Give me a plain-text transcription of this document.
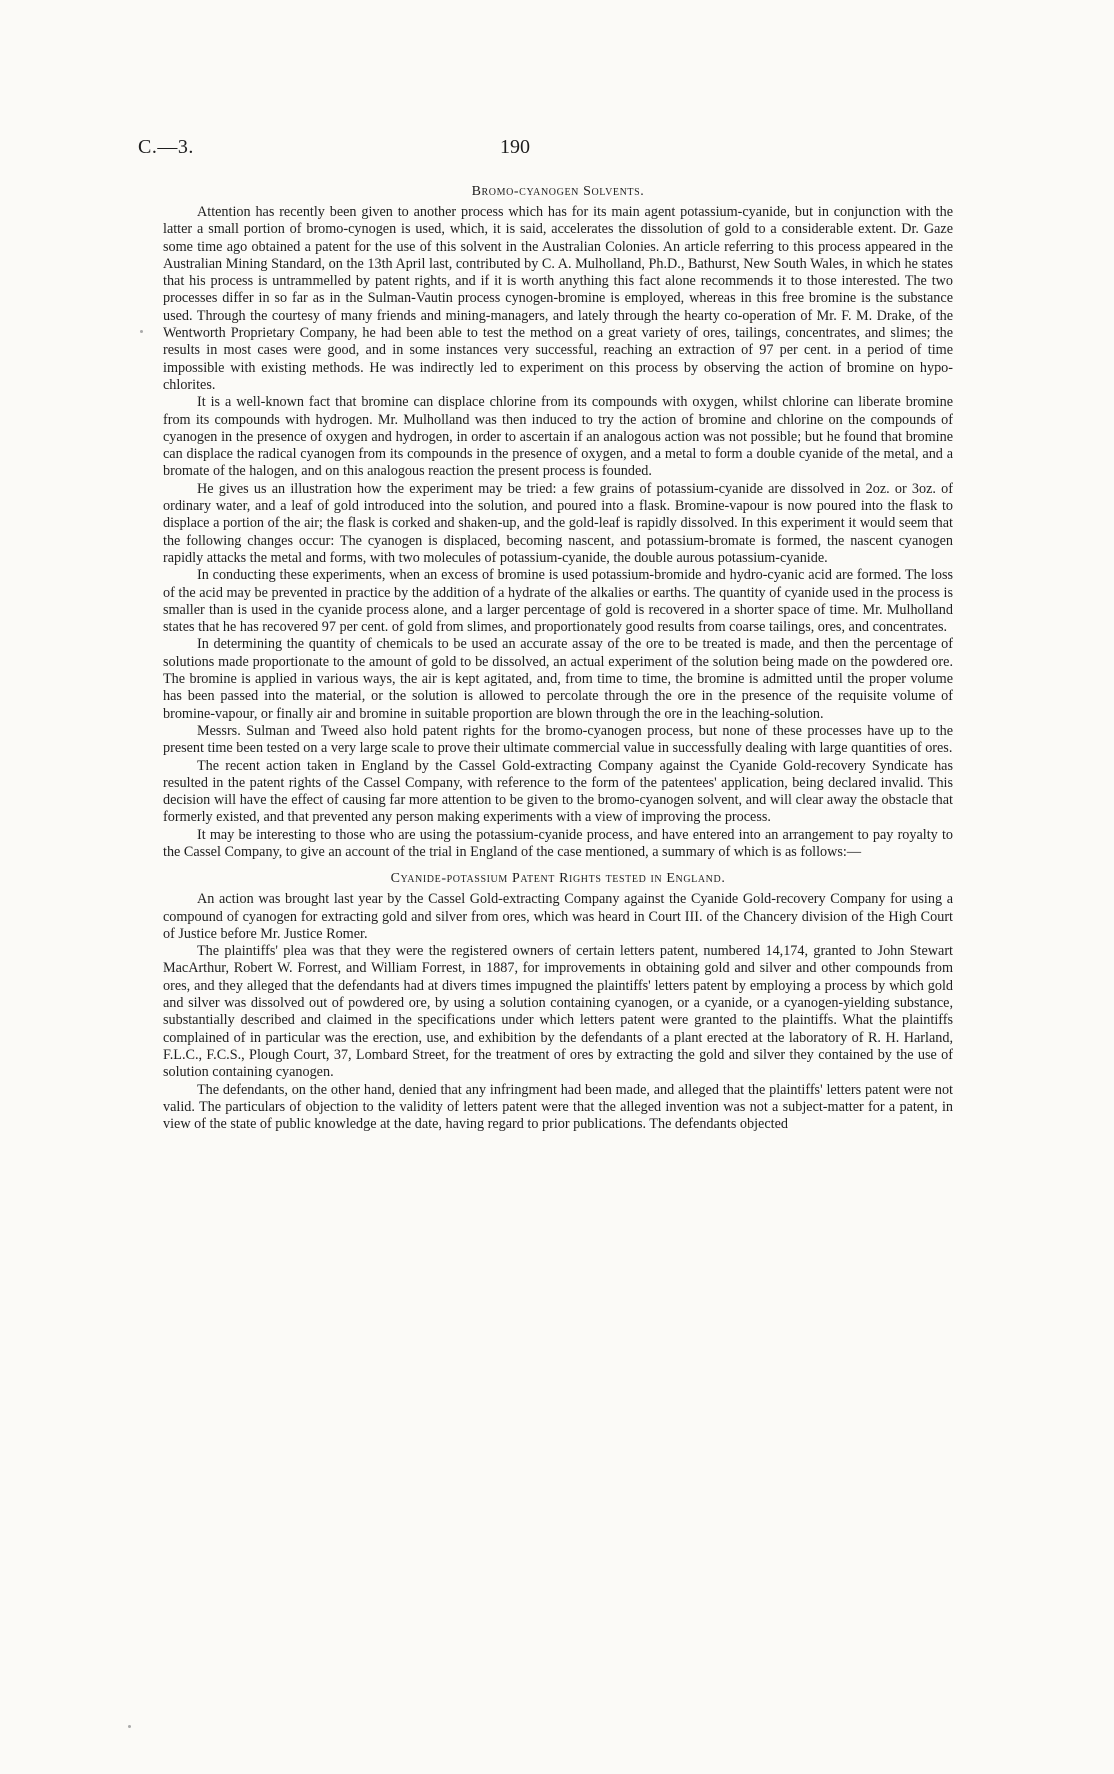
C.—3.	190
Bromo-cyanogen Solvents.

Attention has recently been given to another process which has for its main agent potassium-cyanide, but in conjunction with the latter a small portion of bromo-cynogen is used, which, it is said, accelerates the dissolution of gold to a considerable extent. Dr. Gaze some time ago obtained a patent for the use of this solvent in the Australian Colonies. An article referring to this process appeared in the Australian Mining Standard, on the 13th April last, contributed by C. A. Mulholland, Ph.D., Bathurst, New South Wales, in which he states that his process is untrammelled by patent rights, and if it is worth anything this fact alone recommends it to those interested. The two processes differ in so far as in the Sulman-Vautin process cynogen-bromine is employed, whereas in this free bromine is the substance used. Through the courtesy of many friends and mining-managers, and lately through the hearty co-operation of Mr. F. M. Drake, of the Wentworth Proprietary Company, he had been able to test the method on a great variety of ores, tailings, concentrates, and slimes; the results in most cases were good, and in some instances very successful, reaching an extraction of 97 per cent. in a period of time impossible with existing methods. He was indirectly led to experiment on this process by observing the action of bromine on hypo-chlorites.

It is a well-known fact that bromine can displace chlorine from its compounds with oxygen, whilst chlorine can liberate bromine from its compounds with hydrogen. Mr. Mulholland was then induced to try the action of bromine and chlorine on the compounds of cyanogen in the presence of oxygen and hydrogen, in order to ascertain if an analogous action was not possible; but he found that bromine can displace the radical cyanogen from its compounds in the presence of oxygen, and a metal to form a double cyanide of the metal, and a bromate of the halogen, and on this analogous reaction the present process is founded.

He gives us an illustration how the experiment may be tried: a few grains of potassium-cyanide are dissolved in 2oz. or 3oz. of ordinary water, and a leaf of gold introduced into the solution, and poured into a flask. Bromine-vapour is now poured into the flask to displace a portion of the air; the flask is corked and shaken-up, and the gold-leaf is rapidly dissolved. In this experiment it would seem that the following changes occur: The cyanogen is displaced, becoming nascent, and potassium-bromate is formed, the nascent cyanogen rapidly attacks the metal and forms, with two molecules of potassium-cyanide, the double aurous potassium-cyanide.

In conducting these experiments, when an excess of bromine is used potassium-bromide and hydro-cyanic acid are formed. The loss of the acid may be prevented in practice by the addition of a hydrate of the alkalies or earths. The quantity of cyanide used in the process is smaller than is used in the cyanide process alone, and a larger percentage of gold is recovered in a shorter space of time. Mr. Mulholland states that he has recovered 97 per cent. of gold from slimes, and proportionately good results from coarse tailings, ores, and concentrates.

In determining the quantity of chemicals to be used an accurate assay of the ore to be treated is made, and then the percentage of solutions made proportionate to the amount of gold to be dissolved, an actual experiment of the solution being made on the powdered ore. The bromine is applied in various ways, the air is kept agitated, and, from time to time, the bromine is admitted until the proper volume has been passed into the material, or the solution is allowed to percolate through the ore in the presence of the requisite volume of bromine-vapour, or finally air and bromine in suitable proportion are blown through the ore in the leaching-solution.

Messrs. Sulman and Tweed also hold patent rights for the bromo-cyanogen process, but none of these processes have up to the present time been tested on a very large scale to prove their ultimate commercial value in successfully dealing with large quantities of ores.

The recent action taken in England by the Cassel Gold-extracting Company against the Cyanide Gold-recovery Syndicate has resulted in the patent rights of the Cassel Company, with reference to the form of the patentees' application, being declared invalid. This decision will have the effect of causing far more attention to be given to the bromo-cyanogen solvent, and will clear away the obstacle that formerly existed, and that prevented any person making experiments with a view of improving the process.

It may be interesting to those who are using the potassium-cyanide process, and have entered into an arrangement to pay royalty to the Cassel Company, to give an account of the trial in England of the case mentioned, a summary of which is as follows:—

Cyanide-potassium Patent Rights tested in England.

An action was brought last year by the Cassel Gold-extracting Company against the Cyanide Gold-recovery Company for using a compound of cyanogen for extracting gold and silver from ores, which was heard in Court III. of the Chancery division of the High Court of Justice before Mr. Justice Romer.

The plaintiffs' plea was that they were the registered owners of certain letters patent, numbered 14,174, granted to John Stewart MacArthur, Robert W. Forrest, and William Forrest, in 1887, for improvements in obtaining gold and silver and other compounds from ores, and they alleged that the defendants had at divers times impugned the plaintiffs' letters patent by employing a process by which gold and silver was dissolved out of powdered ore, by using a solution containing cyanogen, or a cyanide, or a cyanogen-yielding substance, substantially described and claimed in the specifications under which letters patent were granted to the plaintiffs. What the plaintiffs complained of in particular was the erection, use, and exhibition by the defendants of a plant erected at the laboratory of R. H. Harland, F.L.C., F.C.S., Plough Court, 37, Lombard Street, for the treatment of ores by extracting the gold and silver they contained by the use of solution containing cyanogen.

The defendants, on the other hand, denied that any infringment had been made, and alleged that the plaintiffs' letters patent were not valid. The particulars of objection to the validity of letters patent were that the alleged invention was not a subject-matter for a patent, in view of the state of public knowledge at the date, having regard to prior publications. The defendants objected
